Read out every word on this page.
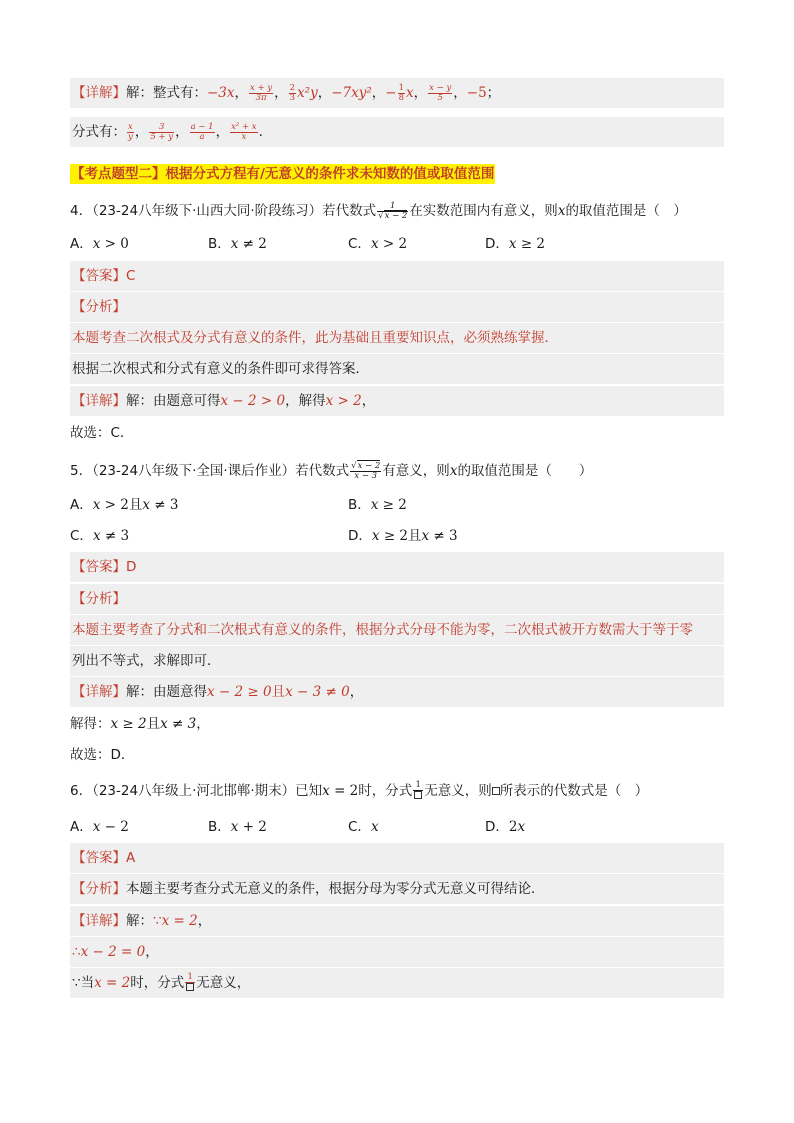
【详解】解：整式有：−3x， $\frac{x + y}{3\pi}$ ， $\frac{2}{3} x^2y$，−7xy²，− $\frac{1}{8}$ x， $\frac{x - y}{5}$ ，−5；
分式有： $\frac{x}{y}$ ， $\frac{3}{5 + y}$ ， $\frac{a - 1}{a}$ ， $\frac{\text{x² + x}}{x}$ .
【考点题型二】根据分式方程有/无意义的条件求未知数的值或取值范围
4．（23-24八年级下·山西大同·阶段练习）若代数式 $\frac{1}{√x - 2}$ 在实数范围内有意义，则x的取值范围是（　）
A．x > 0	B．x ≠ 2	C．x > 2	D．x ≥ 2
【答案】C
【分析】
本题考查二次根式及分式有意义的条件，此为基础且重要知识点，必须熟练掌握．
根据二次根式和分式有意义的条件即可求得答案．
【详解】解：由题意可得x − 2 > 0，解得x > 2，
故选：C．
5．（23-24八年级下·全国·课后作业）若代数式 $\frac{√x - 2}{x - 3}$ 有意义，则x的取值范围是（　　）
A．x > 2且x ≠ 3	B．x ≥ 2
C．x ≠ 3	D．x ≥ 2且x ≠ 3
【答案】D
【分析】
本题主要考查了分式和二次根式有意义的条件，根据分式分母不能为零，二次根式被开方数需大于等于零
列出不等式，求解即可．
【详解】解：由题意得x − 2 ≥ 0且x − 3 ≠ 0，
解得：x ≥ 2且x ≠ 3，
故选：D．
6．（23-24八年级上·河北邯郸·期末）已知x = 2时，分式 1 无意义，则 所表示的代数式是（　）
A．x − 2	B．x + 2	C．x	D．2x
【答案】A
【分析】本题主要考查分式无意义的条件，根据分母为零分式无意义可得结论．
【详解】解：∵x = 2，
∴x − 2 = 0，
∵当x = 2时，分式 1 无意义，
